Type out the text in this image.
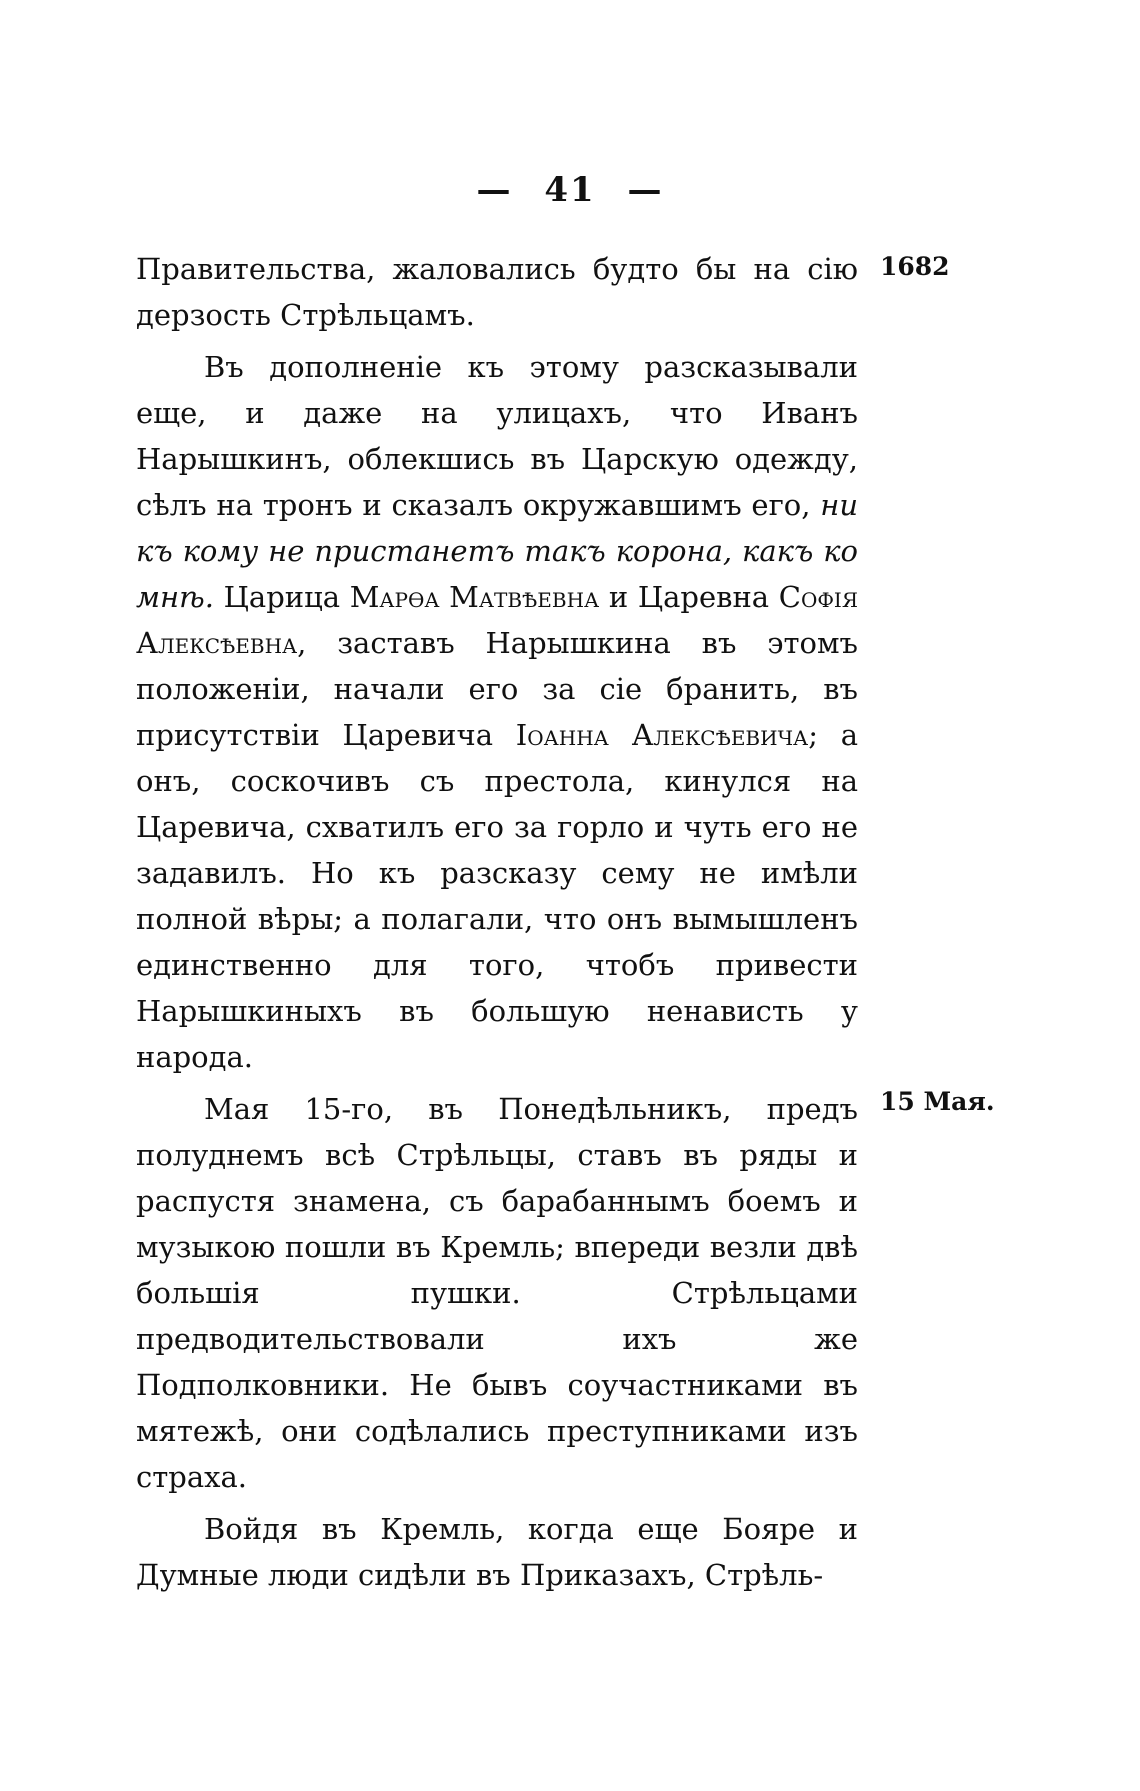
— 41 —
1682
15 Мая.

Правительства, жаловались будто бы на сію дерзость Стрѣльцамъ.

Въ дополненіе къ этому разсказывали еще, и даже на улицахъ, что Иванъ Нарышкинъ, облекшись въ Царскую одежду, сѣлъ на тронъ и сказалъ окружавшимъ его, ни къ кому не пристанетъ такъ корона, какъ ко мнѣ. Царица Марѳа Матвѣевна и Царевна Софія Алексѣевна, заставъ Нарышкина въ этомъ положеніи, начали его за сіе бранить, въ присутствіи Царевича Іоанна Алексѣевича; а онъ, соскочивъ съ престола, кинулся на Царевича, схватилъ его за горло и чуть его не задавилъ. Но къ разсказу сему не имѣли полной вѣры; а полагали, что онъ вымышленъ единственно для того, чтобъ привести Нарышкиныхъ въ большую ненависть у народа.

Мая 15-го, въ Понедѣльникъ, предъ полуднемъ всѣ Стрѣльцы, ставъ въ ряды и распустя знамена, съ барабаннымъ боемъ и музыкою пошли въ Кремль; впереди везли двѣ большія пушки. Стрѣльцами предводительствовали ихъ же Подполковники. Не бывъ соучастниками въ мятежѣ, они содѣлались преступниками изъ страха.

Войдя въ Кремль, когда еще Бояре и Думные люди сидѣли въ Приказахъ, Стрѣль-
